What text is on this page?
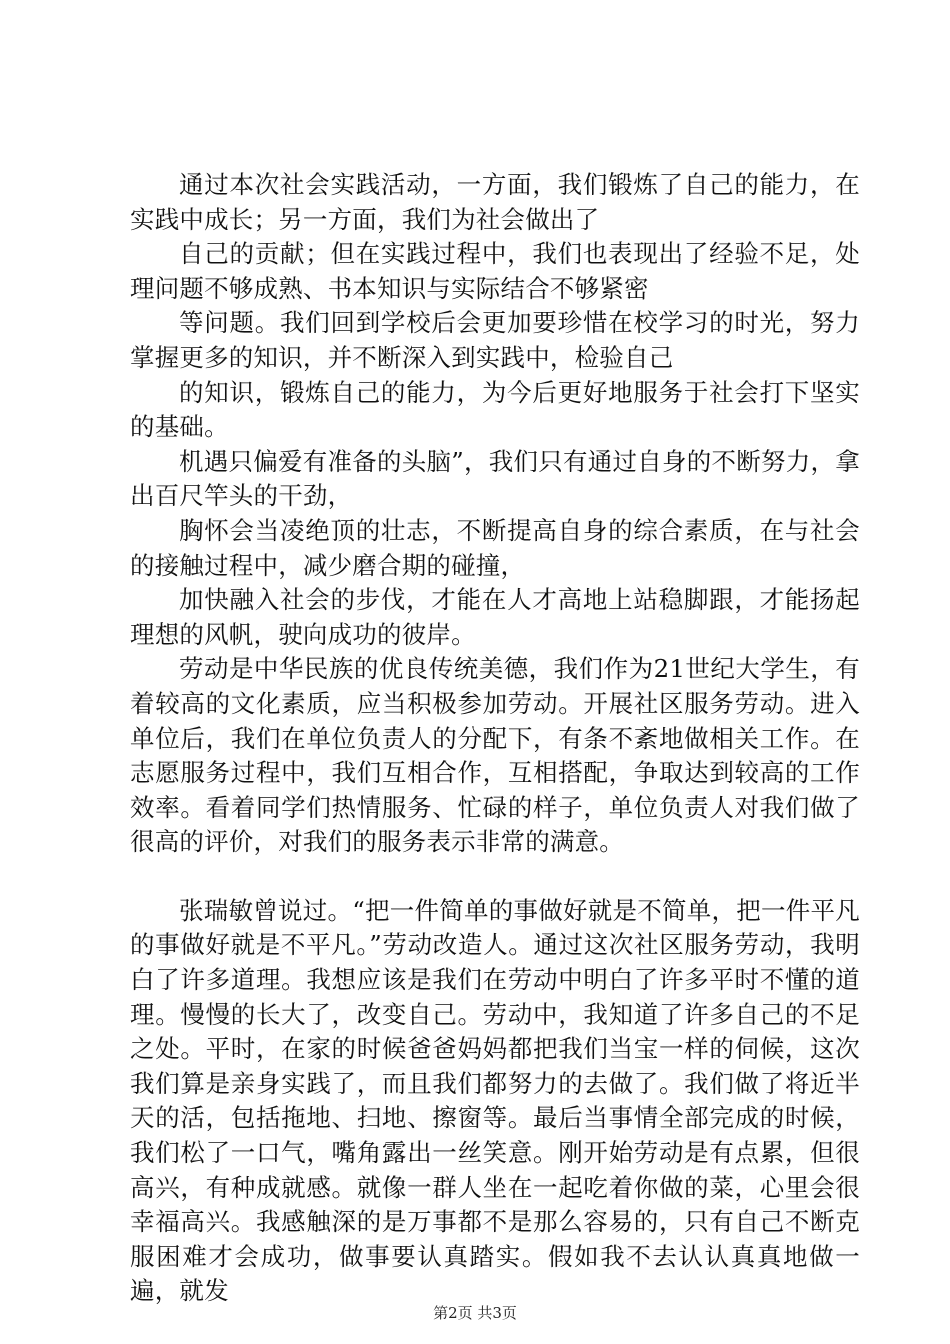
通过本次社会实践活动，一方面，我们锻炼了自己的能力，在实践中成长；另一方面，我们为社会做出了

自己的贡献；但在实践过程中，我们也表现出了经验不足，处理问题不够成熟、书本知识与实际结合不够紧密

等问题。我们回到学校后会更加要珍惜在校学习的时光，努力掌握更多的知识，并不断深入到实践中，检验自己

的知识，锻炼自己的能力，为今后更好地服务于社会打下坚实的基础。

机遇只偏爱有准备的头脑”，我们只有通过自身的不断努力，拿出百尺竿头的干劲，

胸怀会当凌绝顶的壮志，不断提高自身的综合素质，在与社会的接触过程中，减少磨合期的碰撞，

加快融入社会的步伐，才能在人才高地上站稳脚跟，才能扬起理想的风帆，驶向成功的彼岸。

劳动是中华民族的优良传统美德，我们作为21世纪大学生，有着较高的文化素质，应当积极参加劳动。开展社区服务劳动。进入单位后，我们在单位负责人的分配下，有条不紊地做相关工作。在志愿服务过程中，我们互相合作，互相搭配，争取达到较高的工作效率。看着同学们热情服务、忙碌的样子，单位负责人对我们做了很高的评价，对我们的服务表示非常的满意。

张瑞敏曾说过。“把一件简单的事做好就是不简单，把一件平凡的事做好就是不平凡。”劳动改造人。通过这次社区服务劳动，我明白了许多道理。我想应该是我们在劳动中明白了许多平时不懂的道理。慢慢的长大了，改变自己。劳动中，我知道了许多自己的不足之处。平时，在家的时候爸爸妈妈都把我们当宝一样的伺候，这次我们算是亲身实践了，而且我们都努力的去做了。我们做了将近半天的活，包括拖地、扫地、擦窗等。最后当事情全部完成的时候，我们松了一口气，嘴角露出一丝笑意。刚开始劳动是有点累，但很高兴，有种成就感。就像一群人坐在一起吃着你做的菜，心里会很幸福高兴。我感触深的是万事都不是那么容易的，只有自己不断克服困难才会成功，做事要认真踏实。假如我不去认认真真地做一遍，就发

第2页 共3页
